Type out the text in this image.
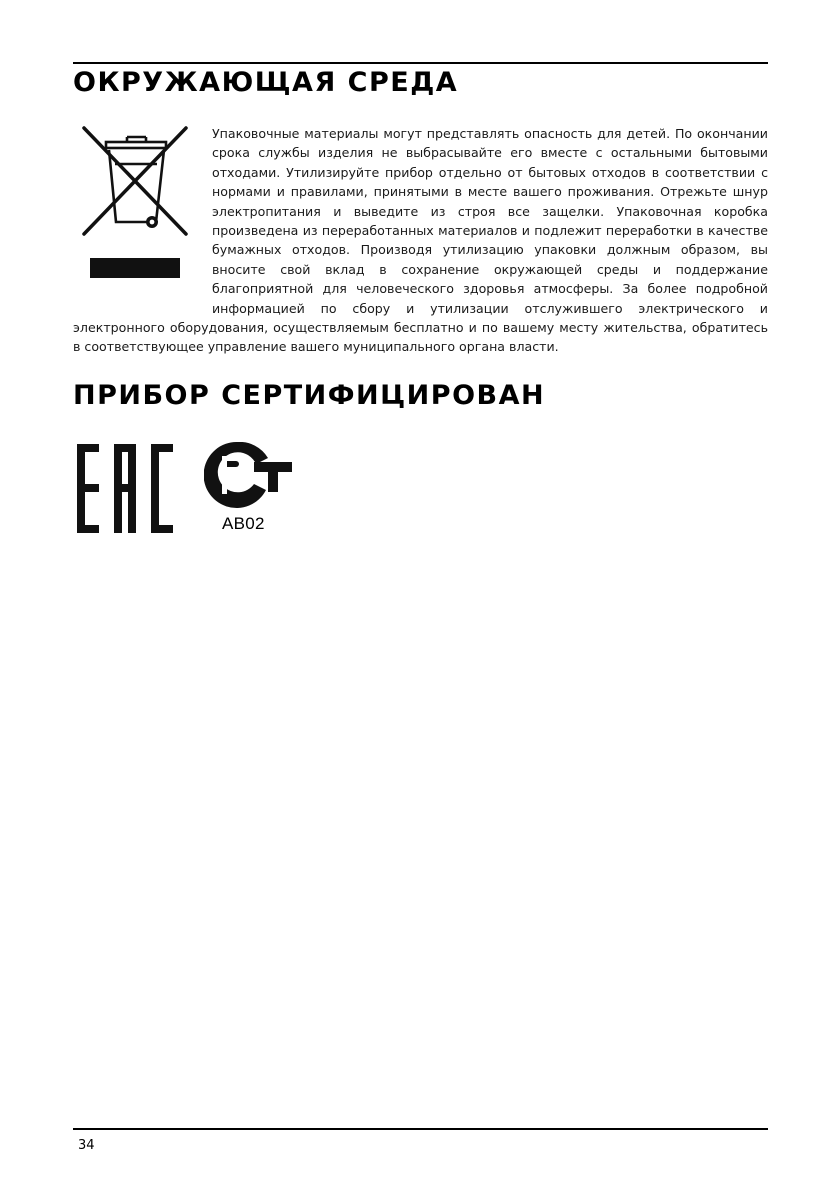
ОКРУЖАЮЩАЯ СРЕДА

Упаковочные материалы могут представлять опасность для детей. По окончании срока службы изделия не выбрасывайте его вместе с остальными бытовыми отходами. Утилизируйте прибор отдельно от бытовых отходов в соответствии с нормами и правилами, принятыми в месте вашего проживания. Отрежьте шнур электропитания и выведите из строя все защелки. Упаковочная коробка произведена из переработанных материалов и подлежит переработки в качестве бумажных отходов. Производя утилизацию упаковки должным образом, вы вносите свой вклад в сохранение окружающей среды и поддержание благоприятной для человеческого здоровья атмосферы. За более подробной информацией по сбору и утилизации отслужившего электрического и электронного оборудования, осуществляемым бесплатно и по вашему месту жительства, обратитесь в соответствующее управление вашего муниципального органа власти.

ПРИБОР СЕРТИФИЦИРОВАН
АВ02
34
